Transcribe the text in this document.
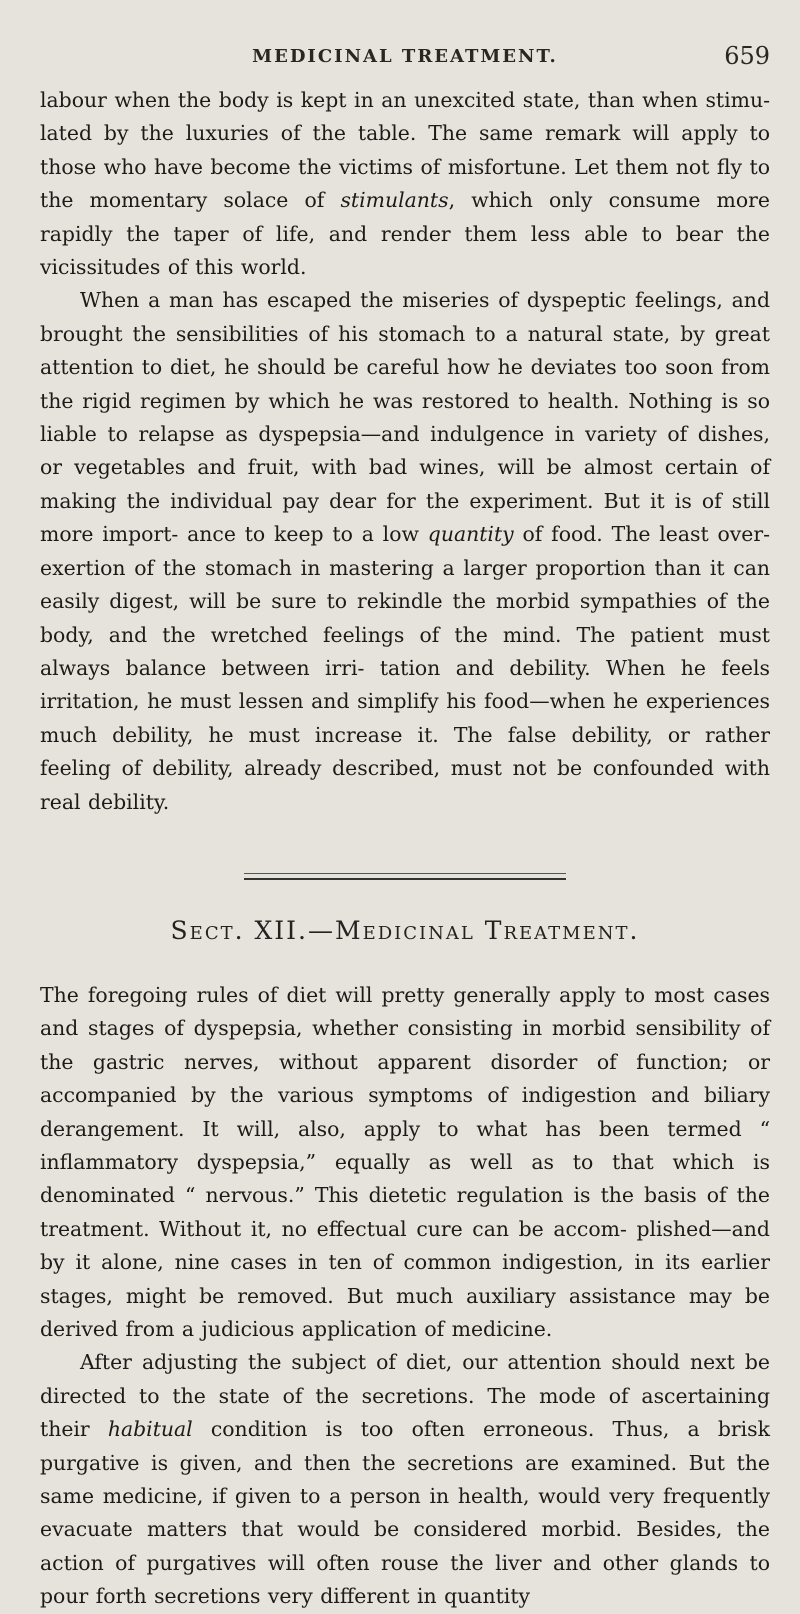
MEDICINAL TREATMENT.	659

labour when the body is kept in an unexcited state, than when stimu- lated by the luxuries of the table. The same remark will apply to those who have become the victims of misfortune. Let them not fly to the momentary solace of stimulants, which only consume more rapidly the taper of life, and render them less able to bear the vicissitudes of this world.

When a man has escaped the miseries of dyspeptic feelings, and brought the sensibilities of his stomach to a natural state, by great attention to diet, he should be careful how he deviates too soon from the rigid regimen by which he was restored to health. Nothing is so liable to relapse as dyspepsia—and indulgence in variety of dishes, or vegetables and fruit, with bad wines, will be almost certain of making the individual pay dear for the experiment. But it is of still more import- ance to keep to a low quantity of food. The least over-exertion of the stomach in mastering a larger proportion than it can easily digest, will be sure to rekindle the morbid sympathies of the body, and the wretched feelings of the mind. The patient must always balance between irri- tation and debility. When he feels irritation, he must lessen and simplify his food—when he experiences much debility, he must increase it. The false debility, or rather feeling of debility, already described, must not be confounded with real debility.

Sect. XII.—Medicinal Treatment.

The foregoing rules of diet will pretty generally apply to most cases and stages of dyspepsia, whether consisting in morbid sensibility of the gastric nerves, without apparent disorder of function; or accompanied by the various symptoms of indigestion and biliary derangement. It will, also, apply to what has been termed “ inflammatory dyspepsia,” equally as well as to that which is denominated “ nervous.” This dietetic regulation is the basis of the treatment. Without it, no effectual cure can be accom- plished—and by it alone, nine cases in ten of common indigestion, in its earlier stages, might be removed. But much auxiliary assistance may be derived from a judicious application of medicine.

After adjusting the subject of diet, our attention should next be directed to the state of the secretions. The mode of ascertaining their habitual condition is too often erroneous. Thus, a brisk purgative is given, and then the secretions are examined. But the same medicine, if given to a person in health, would very frequently evacuate matters that would be considered morbid. Besides, the action of purgatives will often rouse the liver and other glands to pour forth secretions very different in quantity
